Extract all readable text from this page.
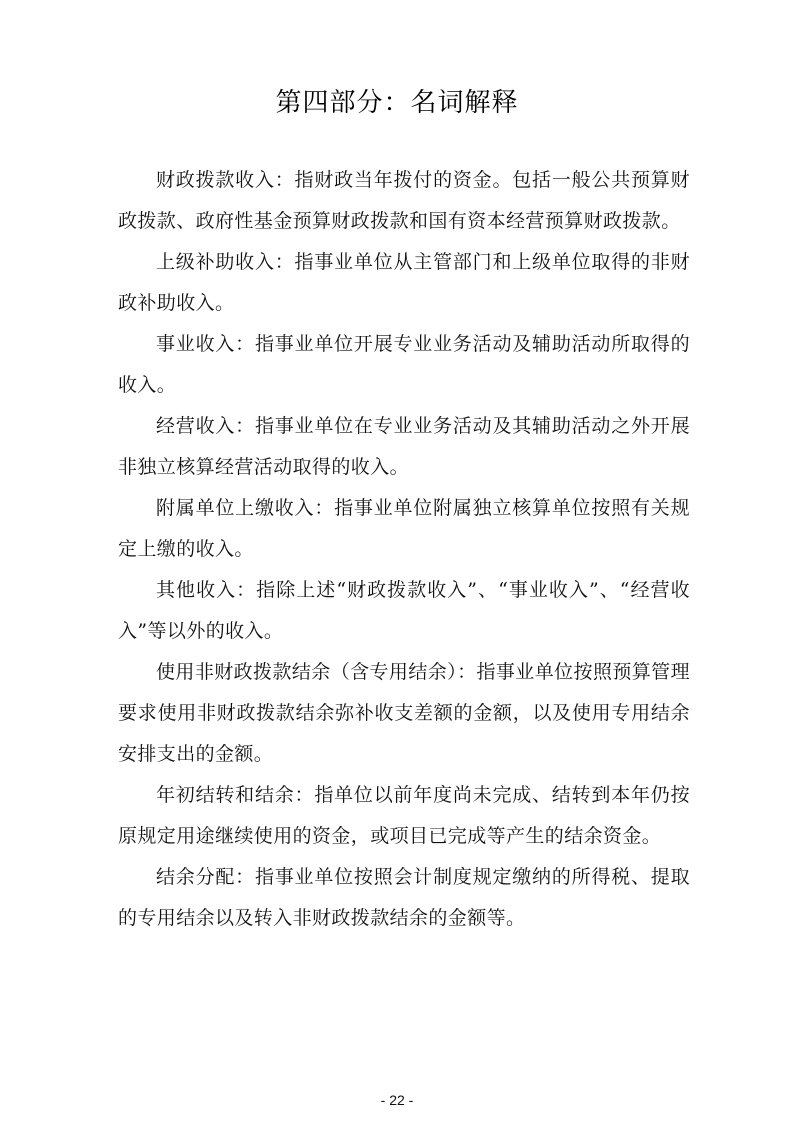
第四部分：名词解释

财政拨款收入：指财政当年拨付的资金。包括一般公共预算财政拨款、政府性基金预算财政拨款和国有资本经营预算财政拨款。

上级补助收入：指事业单位从主管部门和上级单位取得的非财政补助收入。

事业收入：指事业单位开展专业业务活动及辅助活动所取得的收入。

经营收入：指事业单位在专业业务活动及其辅助活动之外开展非独立核算经营活动取得的收入。

附属单位上缴收入：指事业单位附属独立核算单位按照有关规定上缴的收入。

其他收入：指除上述“财政拨款收入”、“事业收入”、“经营收入”等以外的收入。

使用非财政拨款结余（含专用结余）：指事业单位按照预算管理要求使用非财政拨款结余弥补收支差额的金额，以及使用专用结余安排支出的金额。

年初结转和结余：指单位以前年度尚未完成、结转到本年仍按原规定用途继续使用的资金，或项目已完成等产生的结余资金。

结余分配：指事业单位按照会计制度规定缴纳的所得税、提取的专用结余以及转入非财政拨款结余的金额等。

- 22 -
